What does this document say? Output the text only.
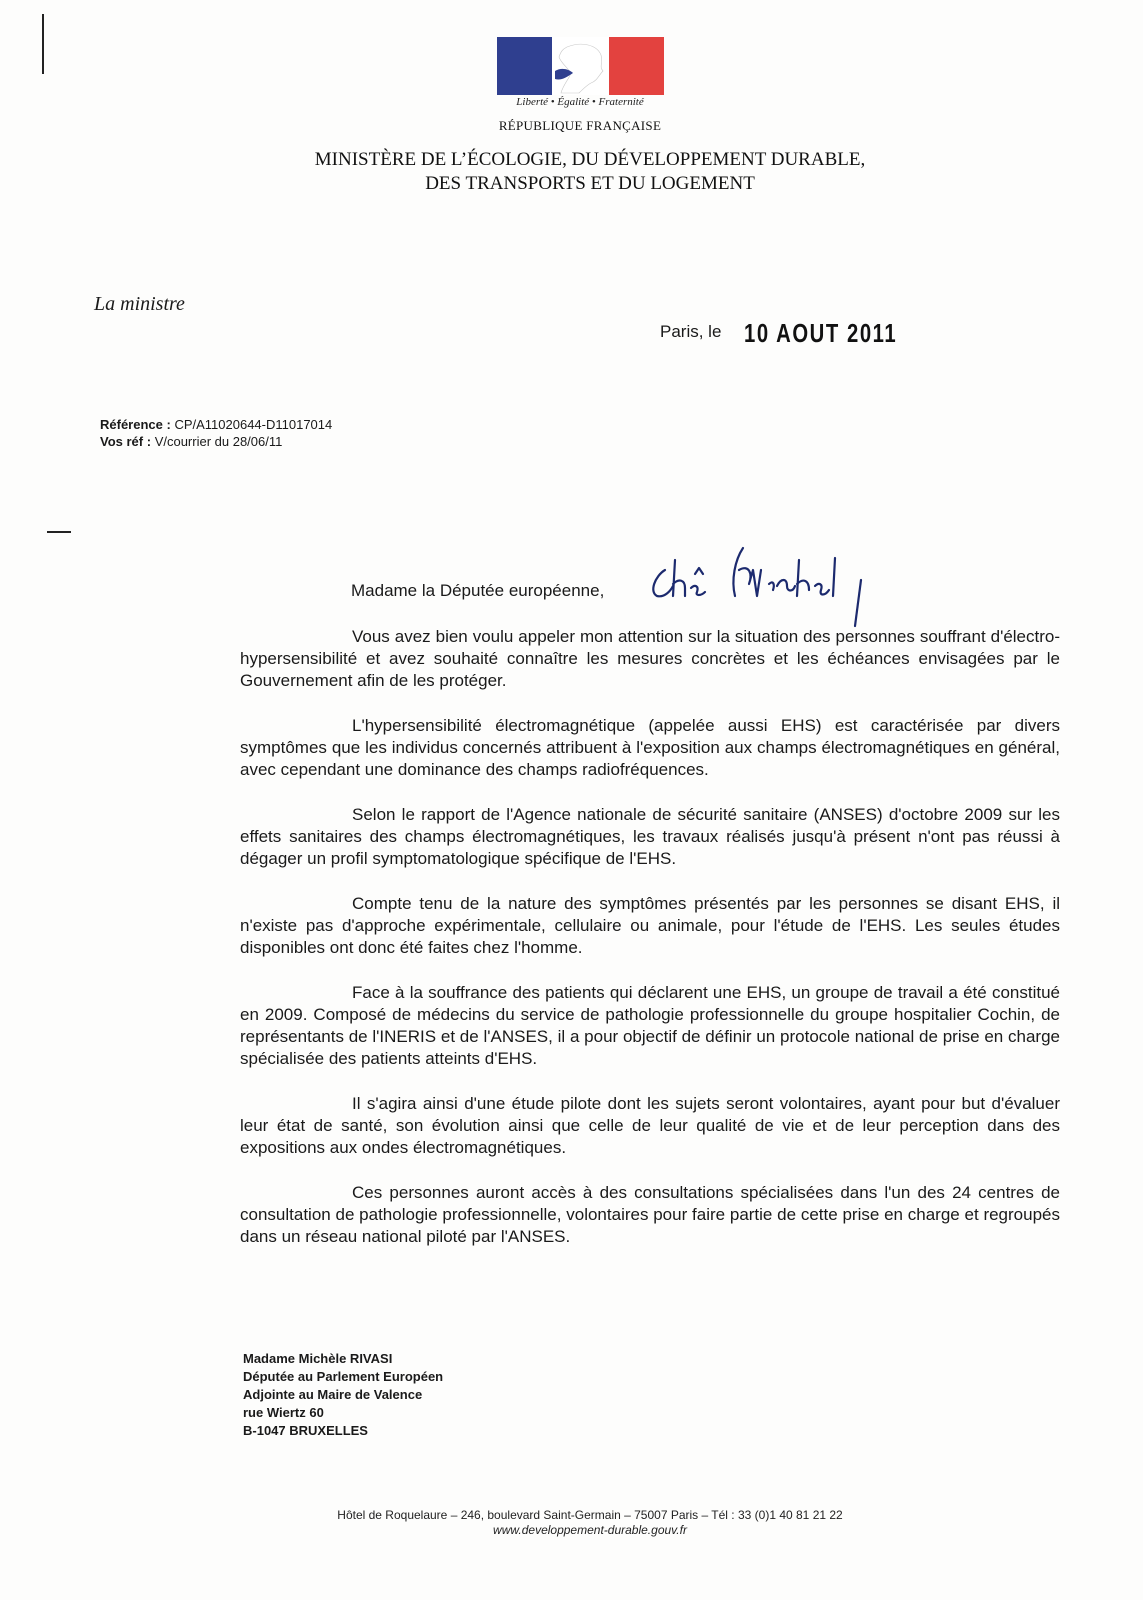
Liberté • Égalité • Fraternité
RÉPUBLIQUE FRANÇAISE
MINISTÈRE DE L’ÉCOLOGIE, DU DÉVELOPPEMENT DURABLE,
DES TRANSPORTS ET DU LOGEMENT
La ministre
Paris, le 10 AOUT 2011
Référence : CP/A11020644-D11017014
Vos réf : V/courrier du 28/06/11
Madame la Députée européenne,

Vous avez bien voulu appeler mon attention sur la situation des personnes souffrant d'électro-hypersensibilité et avez souhaité connaître les mesures concrètes et les échéances envisagées par le Gouvernement afin de les protéger.

L'hypersensibilité électromagnétique (appelée aussi EHS) est caractérisée par divers symptômes que les individus concernés attribuent à l'exposition aux champs électromagnétiques en général, avec cependant une dominance des champs radiofréquences.

Selon le rapport de l'Agence nationale de sécurité sanitaire (ANSES) d'octobre 2009 sur les effets sanitaires des champs électromagnétiques, les travaux réalisés jusqu'à présent n'ont pas réussi à dégager un profil symptomatologique spécifique de l'EHS.

Compte tenu de la nature des symptômes présentés par les personnes se disant EHS, il n'existe pas d'approche expérimentale, cellulaire ou animale, pour l'étude de l'EHS. Les seules études disponibles ont donc été faites chez l'homme.

Face à la souffrance des patients qui déclarent une EHS, un groupe de travail a été constitué en 2009. Composé de médecins du service de pathologie professionnelle du groupe hospitalier Cochin, de représentants de l'INERIS et de l'ANSES, il a pour objectif de définir un protocole national de prise en charge spécialisée des patients atteints d'EHS.

Il s'agira ainsi d'une étude pilote dont les sujets seront volontaires, ayant pour but d'évaluer leur état de santé, son évolution ainsi que celle de leur qualité de vie et de leur perception dans des expositions aux ondes électromagnétiques.

Ces personnes auront accès à des consultations spécialisées dans l'un des 24 centres de consultation de pathologie professionnelle, volontaires pour faire partie de cette prise en charge et regroupés dans un réseau national piloté par l'ANSES.

Madame Michèle RIVASI
Députée au Parlement Européen
Adjointe au Maire de Valence
rue Wiertz 60
B-1047 BRUXELLES
Hôtel de Roquelaure – 246, boulevard Saint-Germain – 75007 Paris – Tél : 33 (0)1 40 81 21 22
www.developpement-durable.gouv.fr
